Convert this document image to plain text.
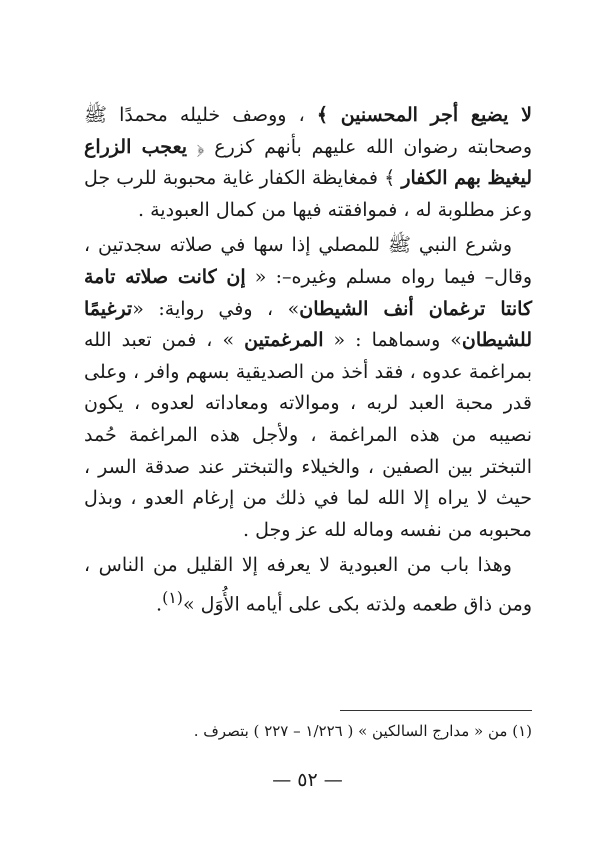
لا يضيع أجر المحسنين ﴾ ، ووصف خليله محمدًا ﷺ وصحابته رضوان الله عليهم بأنهم كزرع ﴿ يعجب الزراع ليغيظ بهم الكفار ﴾ فمغايظة الكفار غاية محبوبة للرب جل وعز مطلوبة له ، فموافقته فيها من كمال العبودية .

وشرع النبي ﷺ للمصلي إذا سها في صلاته سجدتين ، وقال– فيما رواه مسلم وغيره–: « إن كانت صلاته تامة كانتا ترغمان أنف الشيطان» ، وفي رواية: «ترغيمًا للشيطان» وسماهما : « المرغمتين » ، فمن تعبد الله بمراغمة عدوه ، فقد أخذ من الصديقية بسهم وافر ، وعلى قدر محبة العبد لربه ، وموالاته ومعاداته لعدوه ، يكون نصيبه من هذه المراغمة ، ولأجل هذه المراغمة حُمد التبختر بين الصفين ، والخيلاء والتبختر عند صدقة السر ، حيث لا يراه إلا الله لما في ذلك من إرغام العدو ، وبذل محبوبه من نفسه وماله لله عز وجل .

وهذا باب من العبودية لا يعرفه إلا القليل من الناس ، ومن ذاق طعمه ولذته بكى على أيامه الأُوَل »$^{(١)}$.

(١) من « مدارج السالكين » ( ١/٢٢٦ – ٢٢٧ ) بتصرف .
— ٥٢ —
